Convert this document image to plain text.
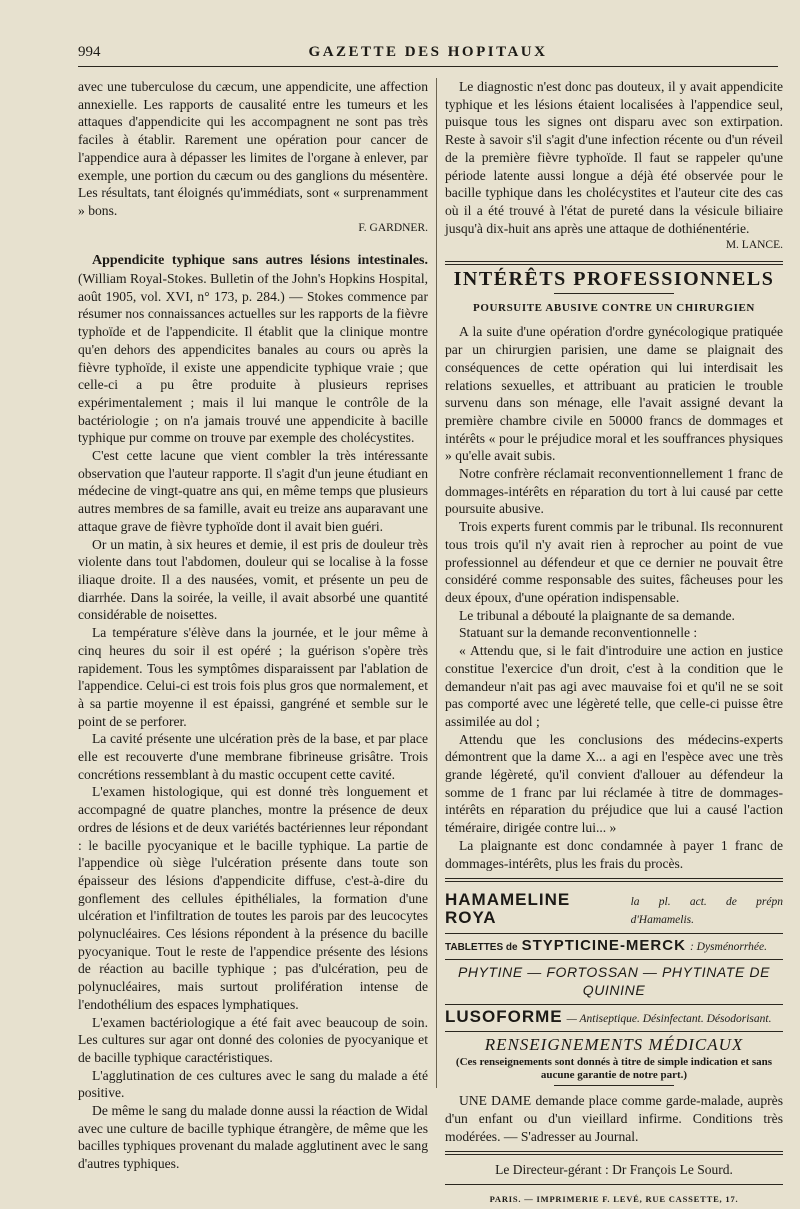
994	GAZETTE DES HOPITAUX

avec une tuberculose du cæcum, une appendicite, une affection annexielle. Les rapports de causalité entre les tumeurs et les attaques d'appendicite qui les accompagnent ne sont pas très faciles à établir. Rarement une opération pour cancer de l'appendice aura à dépasser les limites de l'organe à enlever, par exemple, une portion du cæcum ou des ganglions du mésentère. Les résultats, tant éloignés qu'immédiats, sont « surprenamment » bons.

F. GARDNER.

Appendicite typhique sans autres lésions intestinales. (William Royal-Stokes. Bulletin of the John's Hopkins Hospital, août 1905, vol. XVI, n° 173, p. 284.) — Stokes commence par résumer nos connaissances actuelles sur les rapports de la fièvre typhoïde et de l'appendicite. Il établit que la clinique montre qu'en dehors des appendicites banales au cours ou après la fièvre typhoïde, il existe une appendicite typhique vraie ; que celle-ci a pu être produite à plusieurs reprises expérimentalement ; mais il lui manque le contrôle de la bactériologie ; on n'a jamais trouvé une appendicite à bacille typhique pur comme on trouve par exemple des cholécystites.

C'est cette lacune que vient combler la très intéressante observation que l'auteur rapporte. Il s'agit d'un jeune étudiant en médecine de vingt-quatre ans qui, en même temps que plusieurs autres membres de sa famille, avait eu treize ans auparavant une attaque grave de fièvre typhoïde dont il avait bien guéri.

Or un matin, à six heures et demie, il est pris de douleur très violente dans tout l'abdomen, douleur qui se localise à la fosse iliaque droite. Il a des nausées, vomit, et présente un peu de diarrhée. Dans la soirée, la veille, il avait absorbé une quantité considérable de noisettes.

La température s'élève dans la journée, et le jour même à cinq heures du soir il est opéré ; la guérison s'opère très rapidement. Tous les symptômes disparaissent par l'ablation de l'appendice. Celui-ci est trois fois plus gros que normalement, et à sa partie moyenne il est épaissi, gangréné et semble sur le point de se perforer.

La cavité présente une ulcération près de la base, et par place elle est recouverte d'une membrane fibrineuse grisâtre. Trois concrétions ressemblant à du mastic occupent cette cavité.

L'examen histologique, qui est donné très longuement et accompagné de quatre planches, montre la présence de deux ordres de lésions et de deux variétés bactériennes leur répondant : le bacille pyocyanique et le bacille typhique. La partie de l'appendice où siège l'ulcération présente dans toute son épaisseur des lésions d'appendicite diffuse, c'est-à-dire du gonflement des cellules épithéliales, la formation d'une ulcération et l'infiltration de toutes les parois par des leucocytes polynucléaires. Ces lésions répondent à la présence du bacille pyocyanique. Tout le reste de l'appendice présente des lésions de réaction au bacille typhique ; pas d'ulcération, peu de polynucléaires, mais surtout prolifération intense de l'endothélium des espaces lymphatiques.

L'examen bactériologique a été fait avec beaucoup de soin. Les cultures sur agar ont donné des colonies de pyocyanique et de bacille typhique caractéristiques.

L'agglutination de ces cultures avec le sang du malade a été positive.

De même le sang du malade donne aussi la réaction de Widal avec une culture de bacille typhique étrangère, de même que les bacilles typhiques provenant du malade agglutinent avec le sang d'autres typhiques.

Le diagnostic n'est donc pas douteux, il y avait appendicite typhique et les lésions étaient localisées à l'appendice seul, puisque tous les signes ont disparu avec son extirpation. Reste à savoir s'il s'agit d'une infection récente ou d'un réveil de la première fièvre typhoïde. Il faut se rappeler qu'une période latente aussi longue a déjà été observée pour le bacille typhique dans les cholécystites et l'auteur cite des cas où il a été trouvé à l'état de pureté dans la vésicule biliaire jusqu'à dix-huit ans après une attaque de dothiénentérie.

M. LANCE.
INTÉRÊTS PROFESSIONNELS
POURSUITE ABUSIVE CONTRE UN CHIRURGIEN

A la suite d'une opération d'ordre gynécologique pratiquée par un chirurgien parisien, une dame se plaignait des conséquences de cette opération qui lui interdisait les relations sexuelles, et attribuant au praticien le trouble survenu dans son ménage, elle l'avait assigné devant la première chambre civile en 50000 francs de dommages et intérêts « pour le préjudice moral et les souffrances physiques » qu'elle avait subis.

Notre confrère réclamait reconventionnellement 1 franc de dommages-intérêts en réparation du tort à lui causé par cette poursuite abusive.

Trois experts furent commis par le tribunal. Ils reconnurent tous trois qu'il n'y avait rien à reprocher au point de vue professionnel au défendeur et que ce dernier ne pouvait être considéré comme responsable des suites, fâcheuses pour les deux époux, d'une opération indispensable.

Le tribunal a débouté la plaignante de sa demande.

Statuant sur la demande reconventionnelle :

« Attendu que, si le fait d'introduire une action en justice constitue l'exercice d'un droit, c'est à la condition que le demandeur n'ait pas agi avec mauvaise foi et qu'il ne se soit pas comporté avec une légèreté telle, que celle-ci puisse être assimilée au dol ;

Attendu que les conclusions des médecins-experts démontrent que la dame X... a agi en l'espèce avec une très grande légèreté, qu'il convient d'allouer au défendeur la somme de 1 franc par lui réclamée à titre de dommages-intérêts en réparation du préjudice que lui a causé l'action téméraire, dirigée contre lui... »

La plaignante est donc condamnée à payer 1 franc de dommages-intérêts, plus les frais du procès.

HAMAMELINE ROYA
la pl. act. de prépn d'Hamamelis.
TABLETTES de STYPTICINE-MERCK : Dysménorrhée.
PHYTINE — FORTOSSAN — PHYTINATE DE QUININE
LUSOFORME — Antiseptique. Désinfectant. Désodorisant.
RENSEIGNEMENTS MÉDICAUX
(Ces renseignements sont donnés à titre de simple indication et sans aucune garantie de notre part.)

UNE DAME demande place comme garde-malade, auprès d'un enfant ou d'un vieillard infirme. Conditions très modérées. — S'adresser au Journal.

Le Directeur-gérant : Dr François Le Sourd.
PARIS. — IMPRIMERIE F. LEVÉ, RUE CASSETTE, 17.
